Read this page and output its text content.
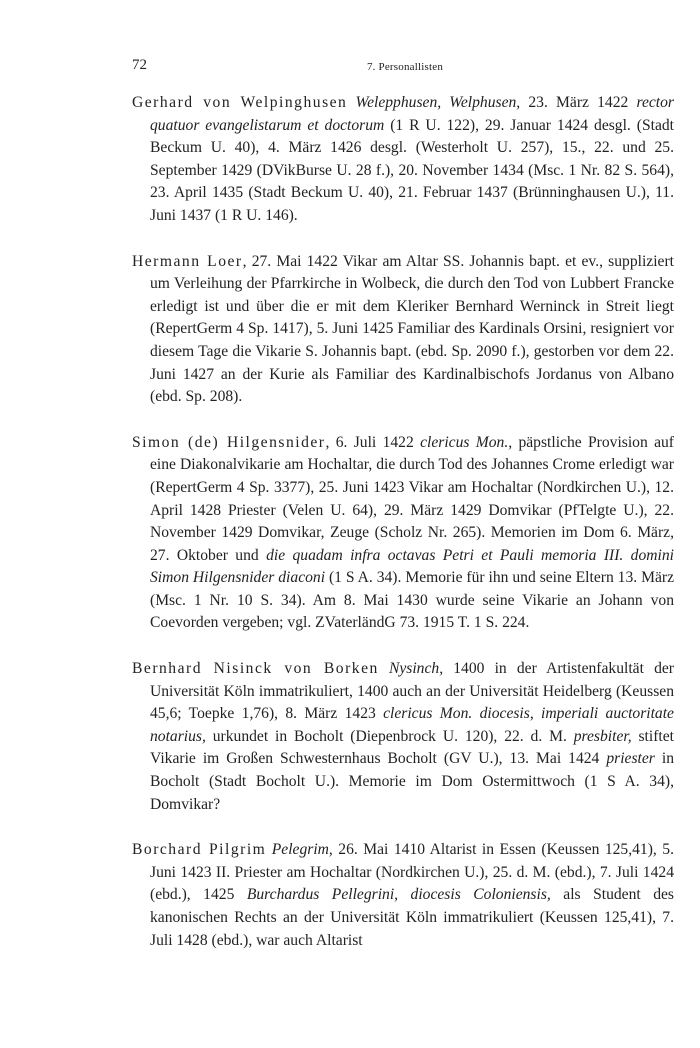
72	7. Personallisten

Gerhard von Welpinghusen Welepphusen, Welphusen, 23. März 1422 rector quatuor evangelistarum et doctorum (1 R U. 122), 29. Januar 1424 desgl. (Stadt Beckum U. 40), 4. März 1426 desgl. (Westerholt U. 257), 15., 22. und 25. September 1429 (DVikBurse U. 28 f.), 20. November 1434 (Msc. 1 Nr. 82 S. 564), 23. April 1435 (Stadt Beckum U. 40), 21. Februar 1437 (Brünninghausen U.), 11. Juni 1437 (1 R U. 146).

Hermann Loer, 27. Mai 1422 Vikar am Altar SS. Johannis bapt. et ev., suppliziert um Verleihung der Pfarrkirche in Wolbeck, die durch den Tod von Lubbert Francke erledigt ist und über die er mit dem Kleriker Bernhard Werninck in Streit liegt (RepertGerm 4 Sp. 1417), 5. Juni 1425 Familiar des Kardinals Orsini, resigniert vor diesem Tage die Vikarie S. Johannis bapt. (ebd. Sp. 2090 f.), gestorben vor dem 22. Juni 1427 an der Kurie als Familiar des Kardinalbischofs Jordanus von Albano (ebd. Sp. 208).

Simon (de) Hilgensnider, 6. Juli 1422 clericus Mon., päpstliche Provision auf eine Diakonalvikarie am Hochaltar, die durch Tod des Johannes Crome erledigt war (RepertGerm 4 Sp. 3377), 25. Juni 1423 Vikar am Hochaltar (Nordkirchen U.), 12. April 1428 Priester (Velen U. 64), 29. März 1429 Domvikar (PfTelgte U.), 22. November 1429 Domvikar, Zeuge (Scholz Nr. 265). Memorien im Dom 6. März, 27. Oktober und die quadam infra octavas Petri et Pauli memoria III. domini Simon Hilgensnider diaconi (1 S A. 34). Memorie für ihn und seine Eltern 13. März (Msc. 1 Nr. 10 S. 34). Am 8. Mai 1430 wurde seine Vikarie an Johann von Coevorden vergeben; vgl. ZVaterländG 73. 1915 T. 1 S. 224.

Bernhard Nisinck von Borken Nysinch, 1400 in der Artistenfakultät der Universität Köln immatrikuliert, 1400 auch an der Universität Heidelberg (Keussen 45,6; Toepke 1,76), 8. März 1423 clericus Mon. diocesis, imperiali auctoritate notarius, urkundet in Bocholt (Diepenbrock U. 120), 22. d. M. presbiter, stiftet Vikarie im Großen Schwesternhaus Bocholt (GV U.), 13. Mai 1424 priester in Bocholt (Stadt Bocholt U.). Memorie im Dom Ostermittwoch (1 S A. 34), Domvikar?

Borchard Pilgrim Pelegrim, 26. Mai 1410 Altarist in Essen (Keussen 125,41), 5. Juni 1423 II. Priester am Hochaltar (Nordkirchen U.), 25. d. M. (ebd.), 7. Juli 1424 (ebd.), 1425 Burchardus Pellegrini, diocesis Coloniensis, als Student des kanonischen Rechts an der Universität Köln immatrikuliert (Keussen 125,41), 7. Juli 1428 (ebd.), war auch Altarist
